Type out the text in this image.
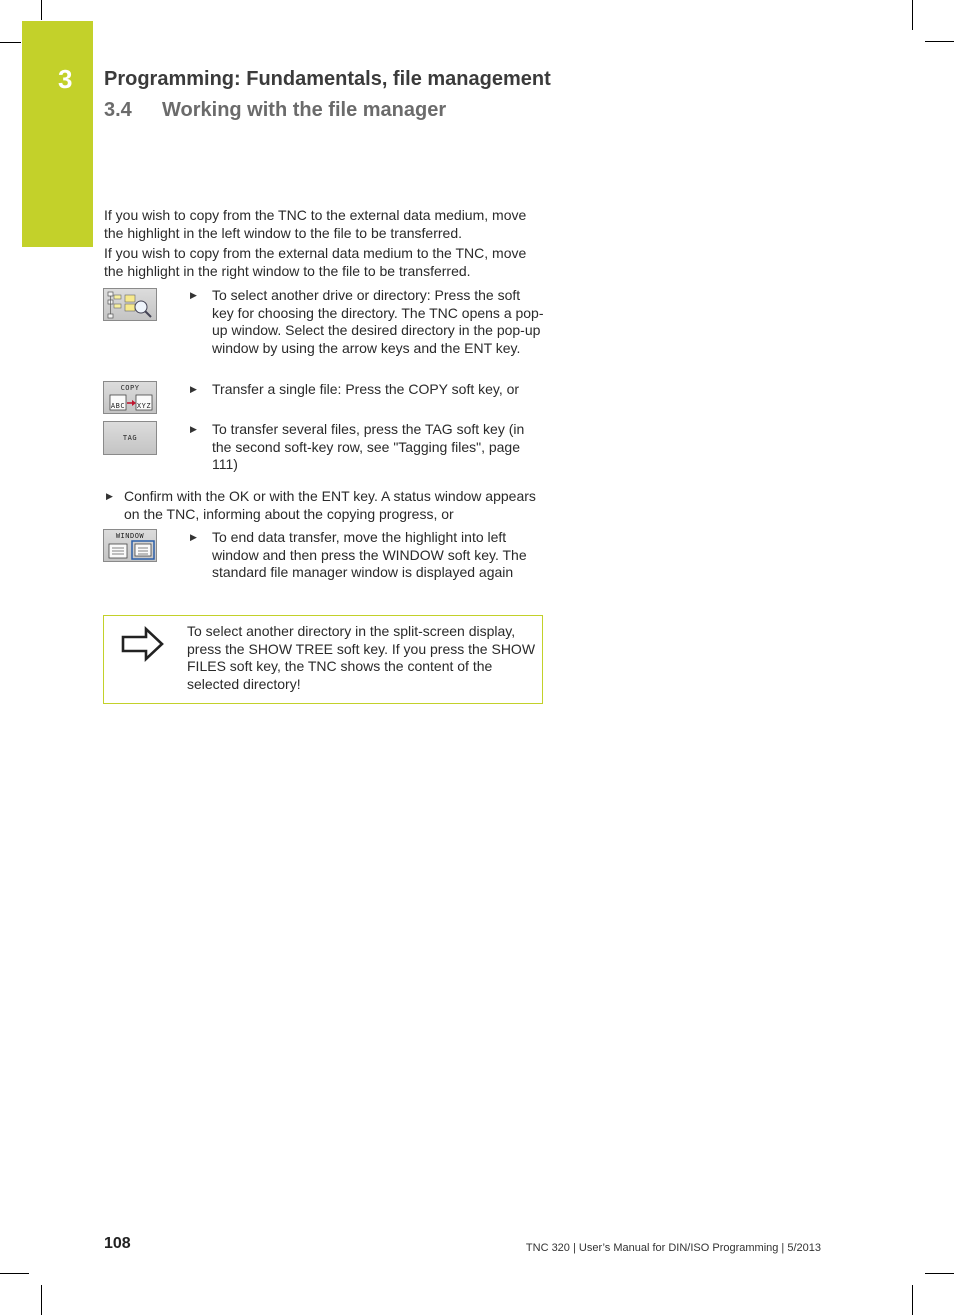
3 Programming: Fundamentals, file management
3.4 Working with the file manager

If you wish to copy from the TNC to the external data medium, move the highlight in the left window to the file to be transferred.

If you wish to copy from the external data medium to the TNC, move the highlight in the right window to the file to be transferred.

▶ To select another drive or directory: Press the soft key for choosing the directory. The TNC opens a pop-up window. Select the desired directory in the pop-up window by using the arrow keys and the ENT key.
COPY
ABC	XYZ
▶ Transfer a single file: Press the COPY soft key, or
TAG
▶ To transfer several files, press the TAG soft key (in the second soft-key row, see "Tagging files", page 111)
▶ Confirm with the OK or with the ENT key. A status window appears on the TNC, informing about the copying progress, or
WINDOW	▶ To end data transfer, move the highlight into left window and then press the WINDOW soft key. The standard file manager window is displayed again
To select another directory in the split-screen display, press the SHOW TREE soft key. If you press the SHOW FILES soft key, the TNC shows the content of the selected directory!
108	TNC 320 | User’s Manual for DIN/ISO Programming | 5/2013
